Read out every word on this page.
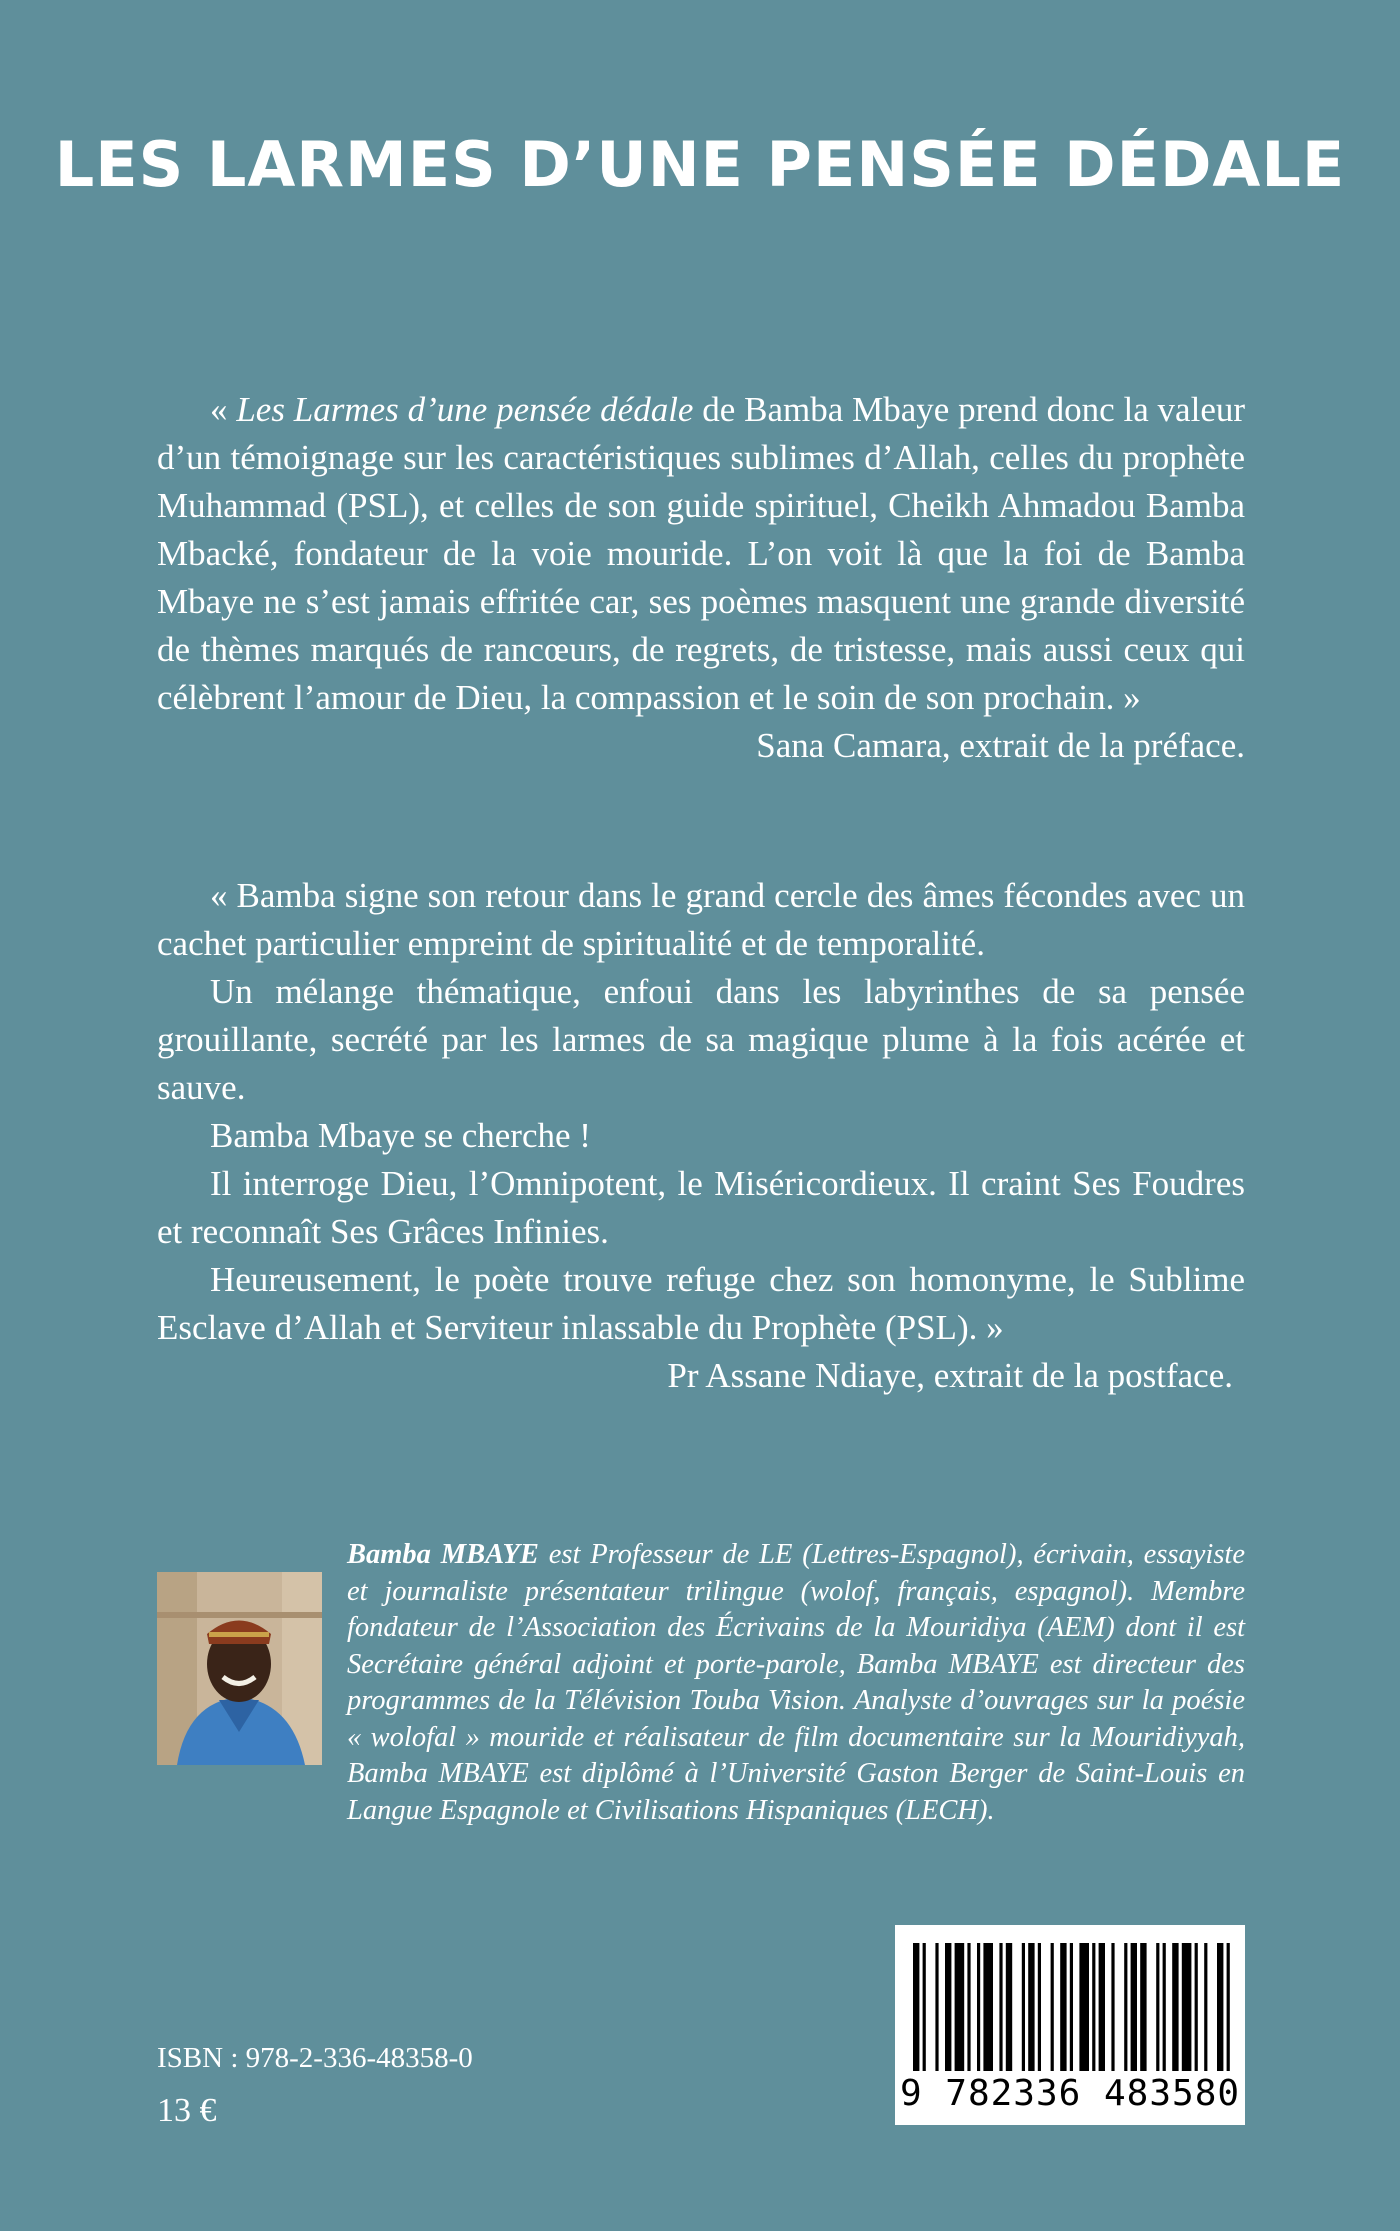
LES LARMES D’UNE PENSÉE DÉDALE

« Les Larmes d’une pensée dédale de Bamba Mbaye prend donc la valeur d’un témoignage sur les caractéristiques sublimes d’Allah, celles du prophète Muhammad (PSL), et celles de son guide spirituel, Cheikh Ahmadou Bamba Mbacké, fondateur de la voie mouride. L’on voit là que la foi de Bamba Mbaye ne s’est jamais effritée car, ses poèmes masquent une grande diversité de thèmes marqués de rancœurs, de regrets, de tristesse, mais aussi ceux qui célèbrent l’amour de Dieu, la compassion et le soin de son prochain. »

Sana Camara, extrait de la préface.

« Bamba signe son retour dans le grand cercle des âmes fécondes avec un cachet particulier empreint de spiritualité et de temporalité.

Un mélange thématique, enfoui dans les labyrinthes de sa pensée grouillante, secrété par les larmes de sa magique plume à la fois acérée et sauve.

Bamba Mbaye se cherche !

Il interroge Dieu, l’Omnipotent, le Miséricordieux. Il craint Ses Foudres et reconnaît Ses Grâces Infinies.

Heureusement, le poète trouve refuge chez son homonyme, le Sublime Esclave d’Allah et Serviteur inlassable du Prophète (PSL). »

Pr Assane Ndiaye, extrait de la postface.

Bamba MBAYE est Professeur de LE (Lettres-Espagnol), écrivain, essayiste et journaliste présentateur trilingue (wolof, français, espagnol). Membre fondateur de l’Association des Écrivains de la Mouridiya (AEM) dont il est Secrétaire général adjoint et porte-parole, Bamba MBAYE est directeur des programmes de la Télévision Touba Vision. Analyste d’ouvrages sur la poésie « wolofal » mouride et réalisateur de film documentaire sur la Mouridiyyah, Bamba MBAYE est diplômé à l’Université Gaston Berger de Saint-Louis en Langue Espagnole et Civilisations Hispaniques (LECH).
9 782336 483580
ISBN : 978-2-336-48358-0
13 €
